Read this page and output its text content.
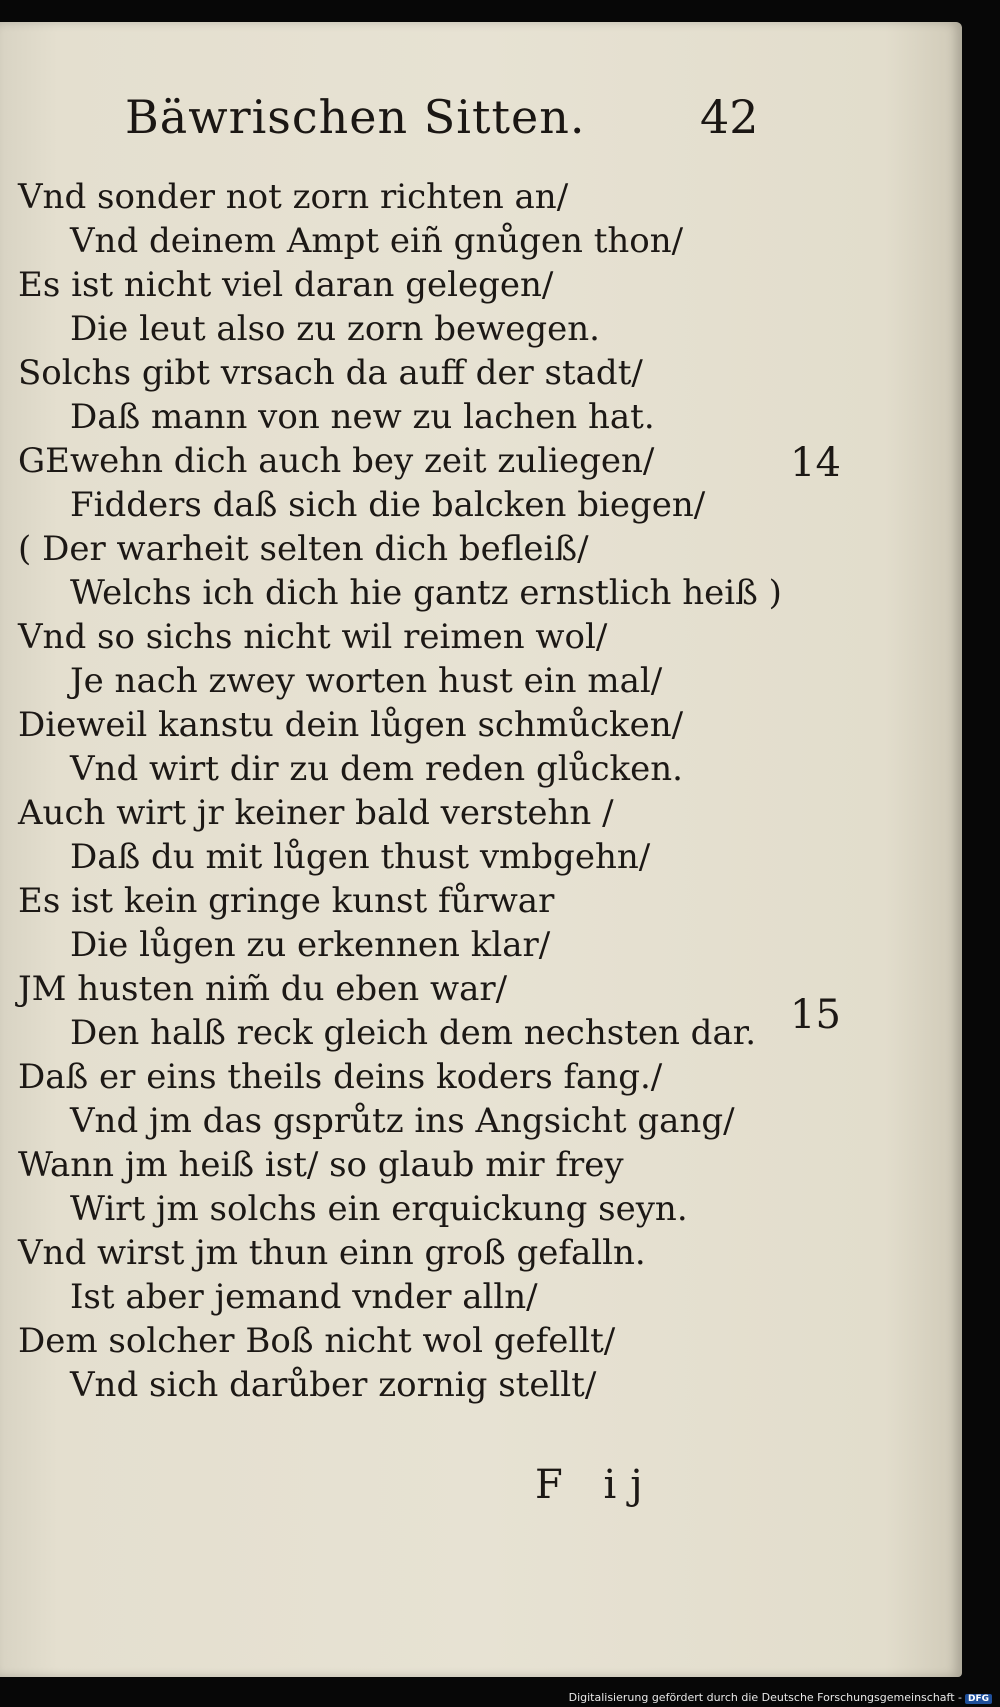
Bäwrischen Sitten. 42
Vnd sonder not zorn richten an/
Vnd deinem Ampt eiñ gnůgen thon/
Es ist nicht viel daran gelegen/
Die leut also zu zorn bewegen.
Solchs gibt vrsach da auff der stadt/
Daß mann von new zu lachen hat.
GEwehn dich auch bey zeit zuliegen/
Fidders daß sich die balcken biegen/
( Der warheit selten dich befleiß/
Welchs ich dich hie gantz ernstlich heiß )
Vnd so sichs nicht wil reimen wol/
Je nach zwey worten hust ein mal/
Dieweil kanstu dein lůgen schmůcken/
Vnd wirt dir zu dem reden glůcken.
Auch wirt jr keiner bald verstehn /
Daß du mit lůgen thust vmbgehn/
Es ist kein gringe kunst fůrwar
Die lůgen zu erkennen klar/
JM husten nim̃ du eben war/
Den halß reck gleich dem nechsten dar.
Daß er eins theils deins koders fang./
Vnd jm das gsprůtz ins Angsicht gang/
Wann jm heiß ist/ so glaub mir frey
Wirt jm solchs ein erquickung seyn.
Vnd wirst jm thun einn groß gefalln.
Ist aber jemand vnder alln/
Dem solcher Boß nicht wol gefellt/
Vnd sich darůber zornig stellt/
14
15
F ij
Digitalisierung gefördert durch die Deutsche Forschungsgemeinschaft - DFG
